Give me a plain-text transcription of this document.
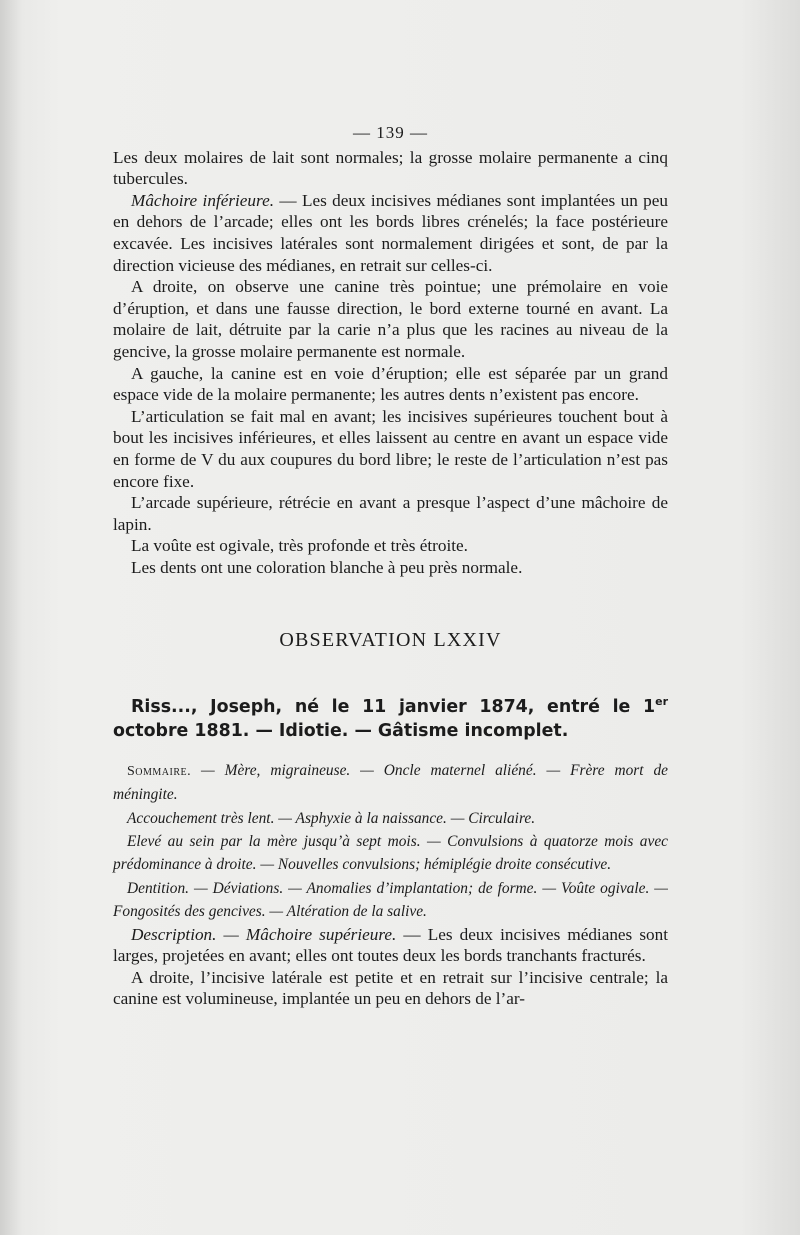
— 139 —

Les deux molaires de lait sont normales; la grosse molaire permanente a cinq tubercules.

Mâchoire inférieure. — Les deux incisives médianes sont implantées un peu en dehors de l’arcade; elles ont les bords libres crénelés; la face postérieure excavée. Les incisives latérales sont normalement dirigées et sont, de par la direction vicieuse des médianes, en retrait sur celles-ci.

A droite, on observe une canine très pointue; une prémolaire en voie d’éruption, et dans une fausse direction, le bord externe tourné en avant. La molaire de lait, détruite par la carie n’a plus que les racines au niveau de la gencive, la grosse molaire permanente est normale.

A gauche, la canine est en voie d’éruption; elle est séparée par un grand espace vide de la molaire permanente; les autres dents n’existent pas encore.

L’articulation se fait mal en avant; les incisives supérieures touchent bout à bout les incisives inférieures, et elles laissent au centre en avant un espace vide en forme de V du aux coupures du bord libre; le reste de l’articulation n’est pas encore fixe.

L’arcade supérieure, rétrécie en avant a presque l’aspect d’une mâchoire de lapin.

La voûte est ogivale, très profonde et très étroite.

Les dents ont une coloration blanche à peu près normale.

OBSERVATION LXXIV
Riss..., Joseph, né le 11 janvier 1874, entré le 1er octobre 1881. — Idiotie. — Gâtisme incomplet.

Sommaire. — Mère, migraineuse. — Oncle maternel aliéné. — Frère mort de méningite.

Accouchement très lent. — Asphyxie à la naissance. — Circulaire.

Elevé au sein par la mère jusqu’à sept mois. — Convulsions à quatorze mois avec prédominance à droite. — Nouvelles convulsions; hémiplégie droite consécutive.

Dentition. — Déviations. — Anomalies d’implantation; de forme. — Voûte ogivale. — Fongosités des gencives. — Altération de la salive.

Description. — Mâchoire supérieure. — Les deux incisives médianes sont larges, projetées en avant; elles ont toutes deux les bords tranchants fracturés.

A droite, l’incisive latérale est petite et en retrait sur l’incisive centrale; la canine est volumineuse, implantée un peu en dehors de l’ar-
